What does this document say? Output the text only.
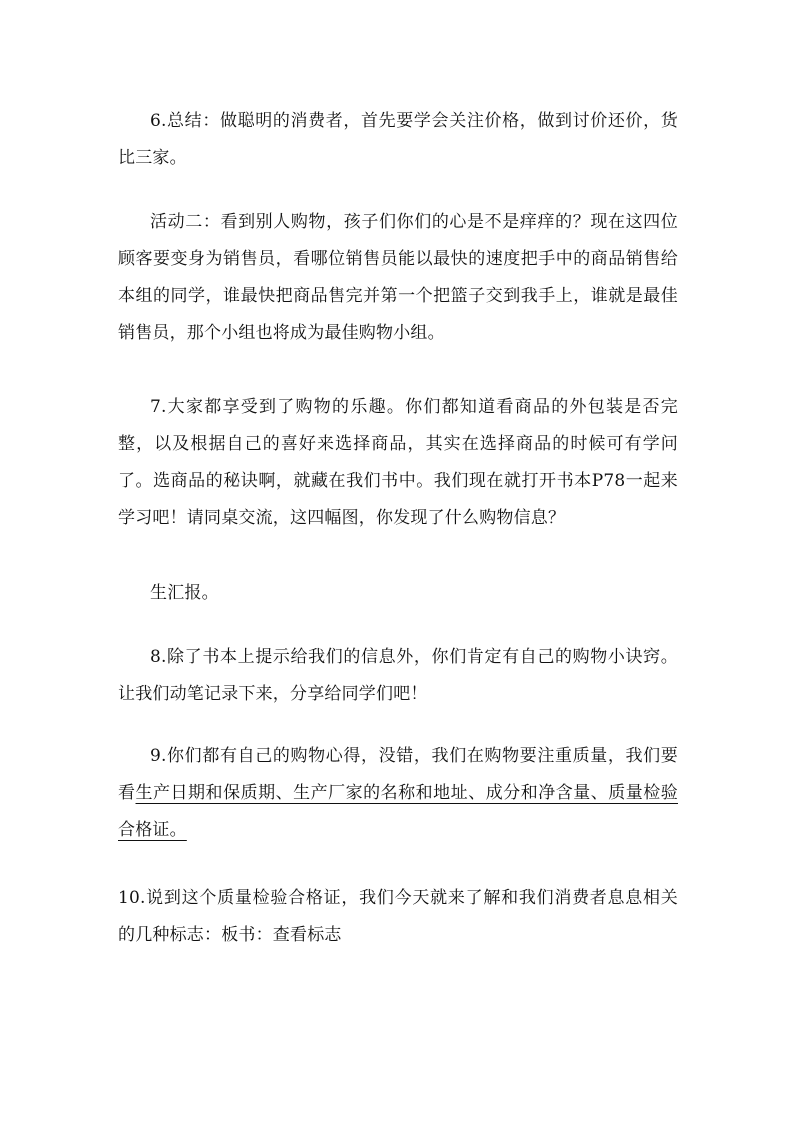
6.总结：做聪明的消费者，首先要学会关注价格，做到讨价还价，货比三家。

活动二：看到别人购物，孩子们你们的心是不是痒痒的？现在这四位顾客要变身为销售员，看哪位销售员能以最快的速度把手中的商品销售给本组的同学，谁最快把商品售完并第一个把篮子交到我手上，谁就是最佳销售员，那个小组也将成为最佳购物小组。

7.大家都享受到了购物的乐趣。你们都知道看商品的外包装是否完整，以及根据自己的喜好来选择商品，其实在选择商品的时候可有学问了。选商品的秘诀啊，就藏在我们书中。我们现在就打开书本P78一起来学习吧！请同桌交流，这四幅图，你发现了什么购物信息？

生汇报。

8.除了书本上提示给我们的信息外，你们肯定有自己的购物小诀窍。让我们动笔记录下来，分享给同学们吧！

9.你们都有自己的购物心得，没错，我们在购物要注重质量，我们要看生产日期和保质期、生产厂家的名称和地址、成分和净含量、质量检验合格证。

10.说到这个质量检验合格证，我们今天就来了解和我们消费者息息相关的几种标志：板书：查看标志
